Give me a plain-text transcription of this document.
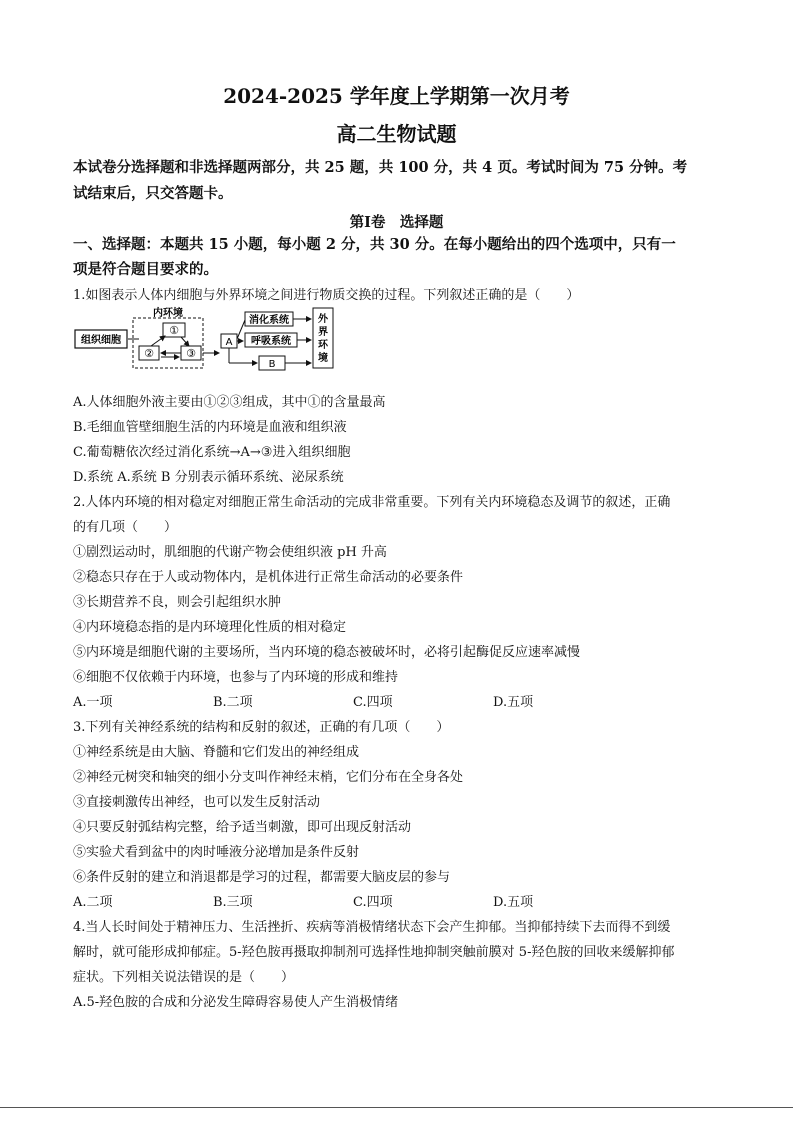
2024-2025 学年度上学期第一次月考
高二生物试题
本试卷分选择题和非选择题两部分，共 25 题，共 100 分，共 4 页。考试时间为 75 分钟。考
试结束后，只交答题卡。
第Ⅰ卷　选择题
一、选择题：本题共 15 小题，每小题 2 分，共 30 分。在每小题给出的四个选项中，只有一
项是符合题目要求的。
1.如图表示人体内细胞与外界环境之间进行物质交换的过程。下列叙述正确的是（　　）
组织细胞
内环境
①
②	③
A
消化系统
呼吸系统
B
外
界
环
境
A.人体细胞外液主要由①②③组成，其中①的含量最高
B.毛细血管壁细胞生活的内环境是血液和组织液
C.葡萄糖依次经过消化系统→A→③进入组织细胞
D.系统 A.系统 B 分别表示循环系统、泌尿系统
2.人体内环境的相对稳定对细胞正常生命活动的完成非常重要。下列有关内环境稳态及调节的叙述，正确
的有几项（　　）
①剧烈运动时，肌细胞的代谢产物会使组织液 pH 升高
②稳态只存在于人或动物体内，是机体进行正常生命活动的必要条件
③长期营养不良，则会引起组织水肿
④内环境稳态指的是内环境理化性质的相对稳定
⑤内环境是细胞代谢的主要场所，当内环境的稳态被破坏时，必将引起酶促反应速率减慢
⑥细胞不仅依赖于内环境，也参与了内环境的形成和维持
A.一项	B.二项	C.四项	D.五项
3.下列有关神经系统的结构和反射的叙述，正确的有几项（　　）
①神经系统是由大脑、脊髓和它们发出的神经组成
②神经元树突和轴突的细小分支叫作神经末梢，它们分布在全身各处
③直接刺激传出神经，也可以发生反射活动
④只要反射弧结构完整，给予适当刺激，即可出现反射活动
⑤实验犬看到盆中的肉时唾液分泌增加是条件反射
⑥条件反射的建立和消退都是学习的过程，都需要大脑皮层的参与
A.二项	B.三项	C.四项	D.五项
4.当人长时间处于精神压力、生活挫折、疾病等消极情绪状态下会产生抑郁。当抑郁持续下去而得不到缓
解时，就可能形成抑郁症。5-羟色胺再摄取抑制剂可选择性地抑制突触前膜对 5-羟色胺的回收来缓解抑郁
症状。下列相关说法错误的是（　　）
A.5-羟色胺的合成和分泌发生障碍容易使人产生消极情绪
